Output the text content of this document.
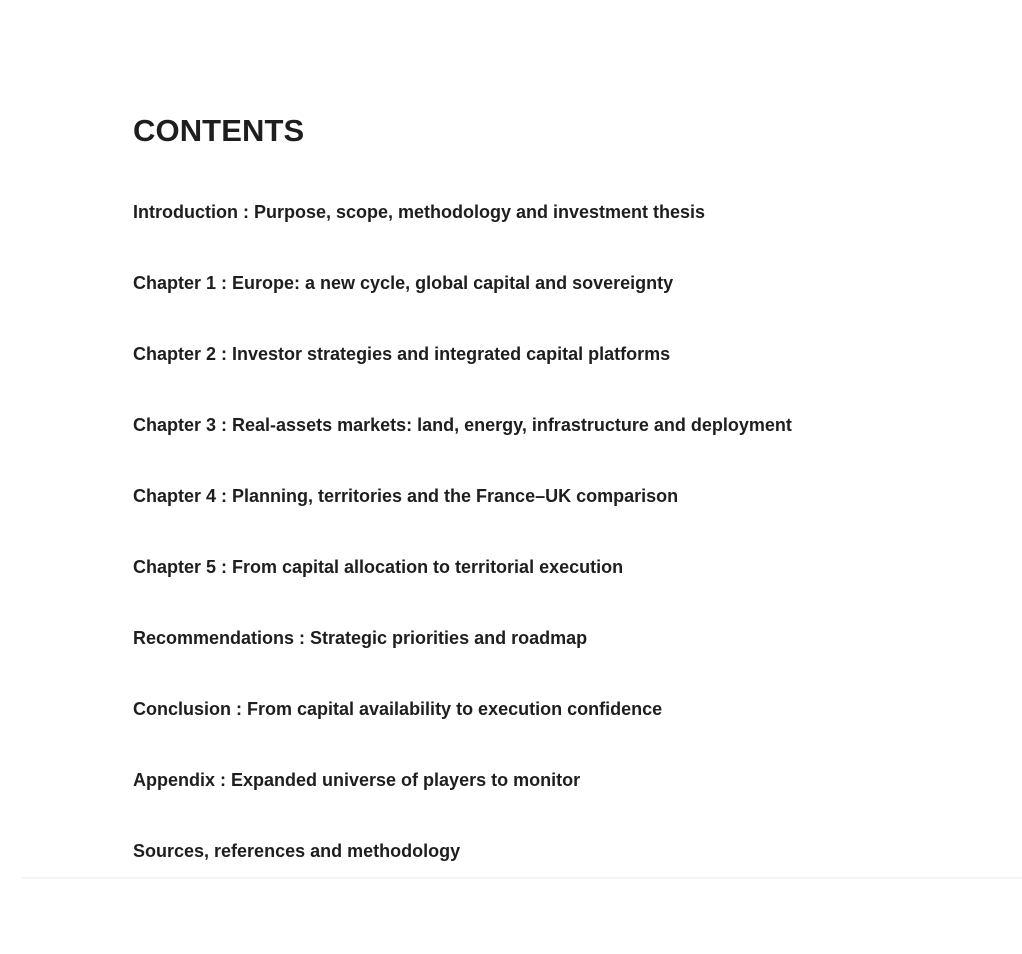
CONTENTS
Introduction : Purpose, scope, methodology and investment thesis
Chapter 1 : Europe: a new cycle, global capital and sovereignty
Chapter 2 : Investor strategies and integrated capital platforms
Chapter 3 : Real-assets markets: land, energy, infrastructure and deployment
Chapter 4 : Planning, territories and the France–UK comparison
Chapter 5 : From capital allocation to territorial execution
Recommendations : Strategic priorities and roadmap
Conclusion : From capital availability to execution confidence
Appendix : Expanded universe of players to monitor
Sources, references and methodology
